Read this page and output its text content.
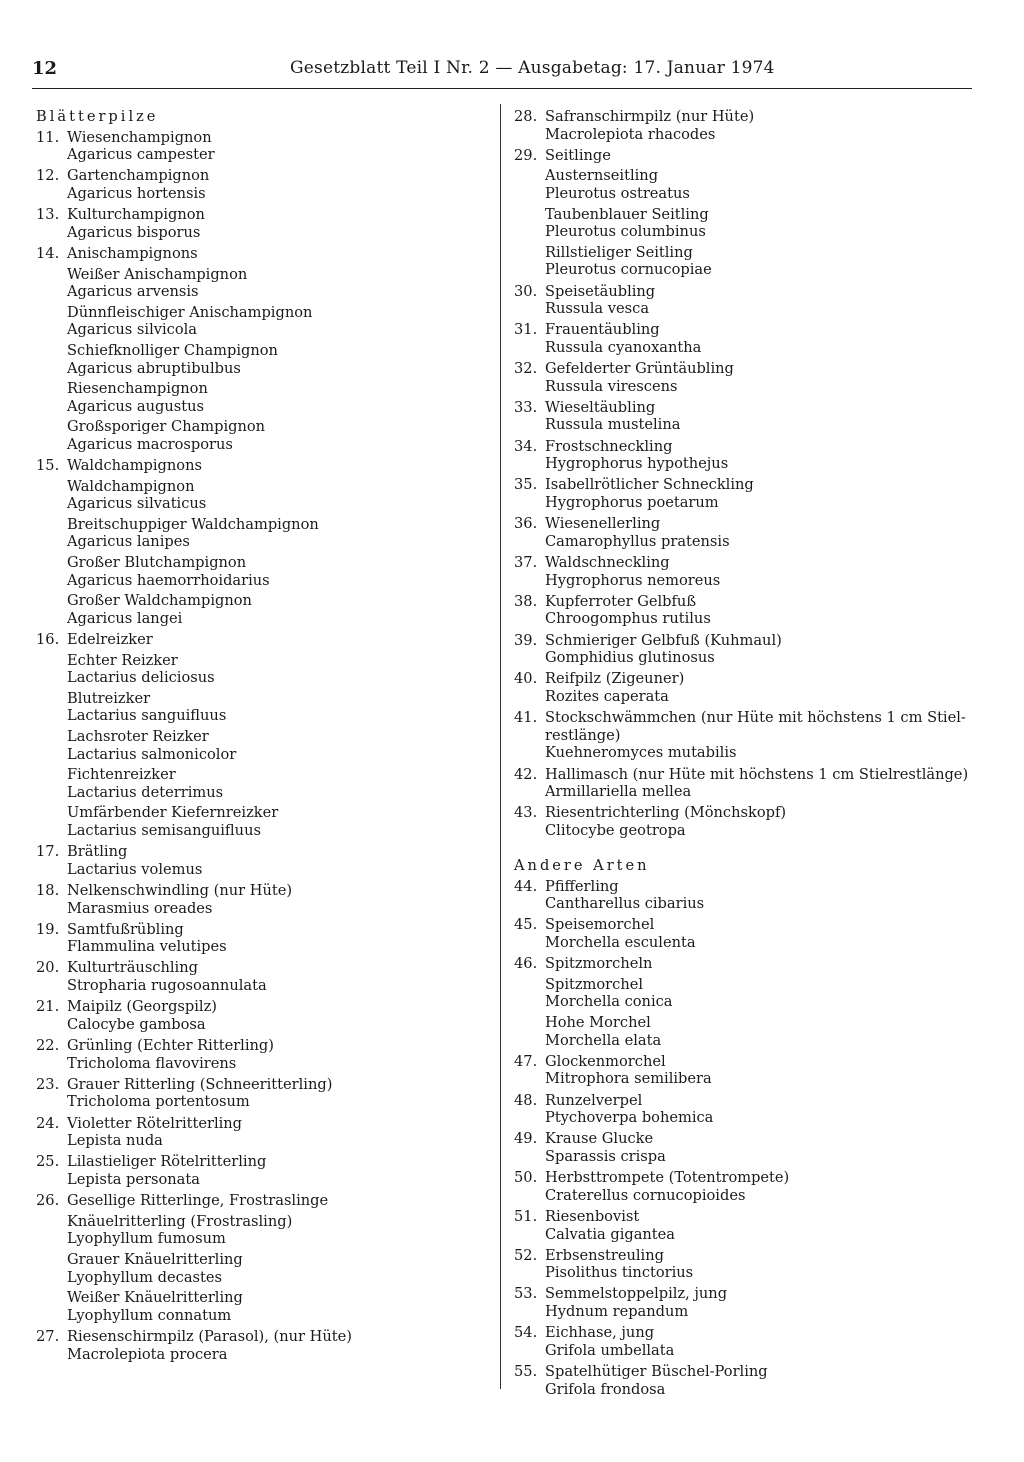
12	Gesetzblatt Teil I Nr. 2 — Ausgabetag: 17. Januar 1974
Blätterpilze
11. Wiesenchampignon
Agaricus campester
12. Gartenchampignon
Agaricus hortensis
13. Kulturchampignon
Agaricus bisporus
14. Anischampignons
Weißer Anischampignon
Agaricus arvensis
Dünnfleischiger Anischampignon
Agaricus silvicola
Schiefknolliger Champignon
Agaricus abruptibulbus
Riesenchampignon
Agaricus augustus
Großsporiger Champignon
Agaricus macrosporus
15. Waldchampignons
Waldchampignon
Agaricus silvaticus
Breitschuppiger Waldchampignon
Agaricus lanipes
Großer Blutchampignon
Agaricus haemorrhoidarius
Großer Waldchampignon
Agaricus langei
16. Edelreizker
Echter Reizker
Lactarius deliciosus
Blutreizker
Lactarius sanguifluus
Lachsroter Reizker
Lactarius salmonicolor
Fichtenreizker
Lactarius deterrimus
Umfärbender Kiefernreizker
Lactarius semisanguifluus
17. Brätling
Lactarius volemus
18. Nelkenschwindling (nur Hüte)
Marasmius oreades
19. Samtfußrübling
Flammulina velutipes
20. Kulturträuschling
Stropharia rugosoannulata
21. Maipilz (Georgspilz)
Calocybe gambosa
22. Grünling (Echter Ritterling)
Tricholoma flavovirens
23. Grauer Ritterling (Schneeritterling)
Tricholoma portentosum
24. Violetter Rötelritterling
Lepista nuda
25. Lilastieliger Rötelritterling
Lepista personata
26. Gesellige Ritterlinge, Frostraslinge
Knäuelritterling (Frostrasling)
Lyophyllum fumosum
Grauer Knäuelritterling
Lyophyllum decastes
Weißer Knäuelritterling
Lyophyllum connatum
27. Riesenschirmpilz (Parasol), (nur Hüte)
Macrolepiota procera
28. Safranschirmpilz (nur Hüte)
Macrolepiota rhacodes
29. Seitlinge
Austernseitling
Pleurotus ostreatus
Taubenblauer Seitling
Pleurotus columbinus
Rillstieliger Seitling
Pleurotus cornucopiae
30. Speisetäubling
Russula vesca
31. Frauentäubling
Russula cyanoxantha
32. Gefelderter Grüntäubling
Russula virescens
33. Wieseltäubling
Russula mustelina
34. Frostschneckling
Hygrophorus hypothejus
35. Isabellrötlicher Schneckling
Hygrophorus poetarum
36. Wiesenellerling
Camarophyllus pratensis
37. Waldschneckling
Hygrophorus nemoreus
38. Kupferroter Gelbfuß
Chroogomphus rutilus
39. Schmieriger Gelbfuß (Kuhmaul)
Gomphidius glutinosus
40. Reifpilz (Zigeuner)
Rozites caperata
41. Stockschwämmchen (nur Hüte mit höchstens 1 cm Stiel-restlänge)
Kuehneromyces mutabilis
42. Hallimasch (nur Hüte mit höchstens 1 cm Stielrestlänge)
Armillariella mellea
43. Riesentrichterling (Mönchskopf)
Clitocybe geotropa
Andere Arten
44. Pfifferling
Cantharellus cibarius
45. Speisemorchel
Morchella esculenta
46. Spitzmorcheln
Spitzmorchel
Morchella conica
Hohe Morchel
Morchella elata
47. Glockenmorchel
Mitrophora semilibera
48. Runzelverpel
Ptychoverpa bohemica
49. Krause Glucke
Sparassis crispa
50. Herbsttrompete (Totentrompete)
Craterellus cornucopioides
51. Riesenbovist
Calvatia gigantea
52. Erbsenstreuling
Pisolithus tinctorius
53. Semmelstoppelpilz, jung
Hydnum repandum
54. Eichhase, jung
Grifola umbellata
55. Spatelhütiger Büschel-Porling
Grifola frondosa
